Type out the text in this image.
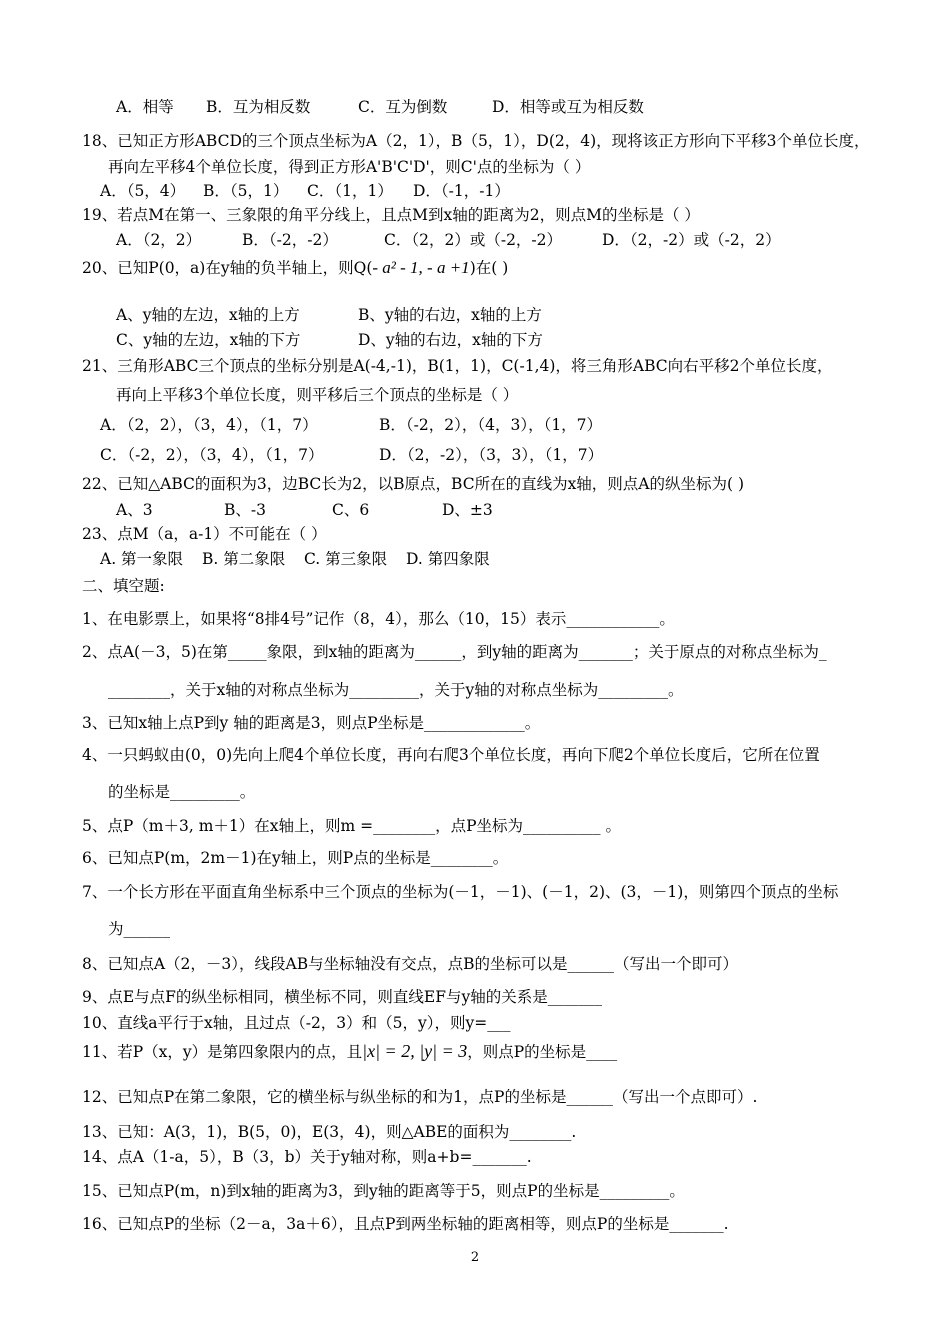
A．相等 B．互为相反数	C．互为倒数	D．相等或互为相反数
18、已知正方形ABCD的三个顶点坐标为A（2，1），B（5，1），D(2，4)，现将该正方形向下平移3个单位长度，
再向左平移4个单位长度，得到正方形A'B'C'D'，则C'点的坐标为（ ）
A．（5，4） B．（5，1） C．（1，1） D．（-1，-1）
19、若点M在第一、三象限的角平分线上，且点M到x轴的距离为2，则点M的坐标是（ ）
A．（2，2）	B．（-2，-2）	C．（2，2）或（-2，-2）	D．（2，-2）或（-2，2）
20、已知P(0，a)在y轴的负半轴上，则Q(- a² - 1, - a +1)在( )
A、y轴的左边，x轴的上方	B、y轴的右边，x轴的上方
C、y轴的左边，x轴的下方	D、y轴的右边，x轴的下方
21、三角形ABC三个顶点的坐标分别是A(-4,-1)，B(1，1)，C(-1,4)，将三角形ABC向右平移2个单位长度，
再向上平移3个单位长度，则平移后三个顶点的坐标是（ ）
A．（2，2），（3，4），（1，7）	B．（-2，2），（4，3），（1，7）
C．（-2，2），（3，4），（1，7）	D．（2，-2），（3，3），（1，7）
22、已知△ABC的面积为3，边BC长为2，以B原点，BC所在的直线为x轴，则点A的纵坐标为( )
A、3	B、-3	C、6	D、±3
23、点M（a，a-1）不可能在（ ）
A. 第一象限 B. 第二象限 C. 第三象限 D. 第四象限
二、填空题:
1、在电影票上，如果将“8排4号”记作（8，4），那么（10，15）表示____________。
2、点A(－3，5)在第_____象限，到x轴的距离为______，到y轴的距离为_______；关于原点的对称点坐标为_
________，关于x轴的对称点坐标为_________，关于y轴的对称点坐标为_________。
3、已知x轴上点P到y 轴的距离是3，则点P坐标是_____________。
4、一只蚂蚁由(0，0)先向上爬4个单位长度，再向右爬3个单位长度，再向下爬2个单位长度后，它所在位置
的坐标是_________。
5、点P（m＋3, m＋1）在x轴上，则m =________，点P坐标为__________ 。
6、已知点P(m，2m－1)在y轴上，则P点的坐标是________。
7、一个长方形在平面直角坐标系中三个顶点的坐标为(－1，－1)、(－1，2)、(3，－1)，则第四个顶点的坐标
为______
8、已知点A（2，－3），线段AB与坐标轴没有交点，点B的坐标可以是______（写出一个即可）
9、点E与点F的纵坐标相同，横坐标不同，则直线EF与y轴的关系是_______
10、直线a平行于x轴，且过点（-2，3）和（5，y），则y=___
11、若P（x，y）是第四象限内的点，且|x| = 2, |y| = 3，则点P的坐标是____
12、已知点P在第二象限，它的横坐标与纵坐标的和为1，点P的坐标是______（写出一个点即可）.
13、已知：A(3，1)，B(5，0)，E(3，4)，则△ABE的面积为________.
14、点A（1-a，5），B（3，b）关于y轴对称，则a+b=_______.
15、已知点P(m，n)到x轴的距离为3，到y轴的距离等于5，则点P的坐标是_________。
16、已知点P的坐标（2－a，3a＋6），且点P到两坐标轴的距离相等，则点P的坐标是_______.
2
